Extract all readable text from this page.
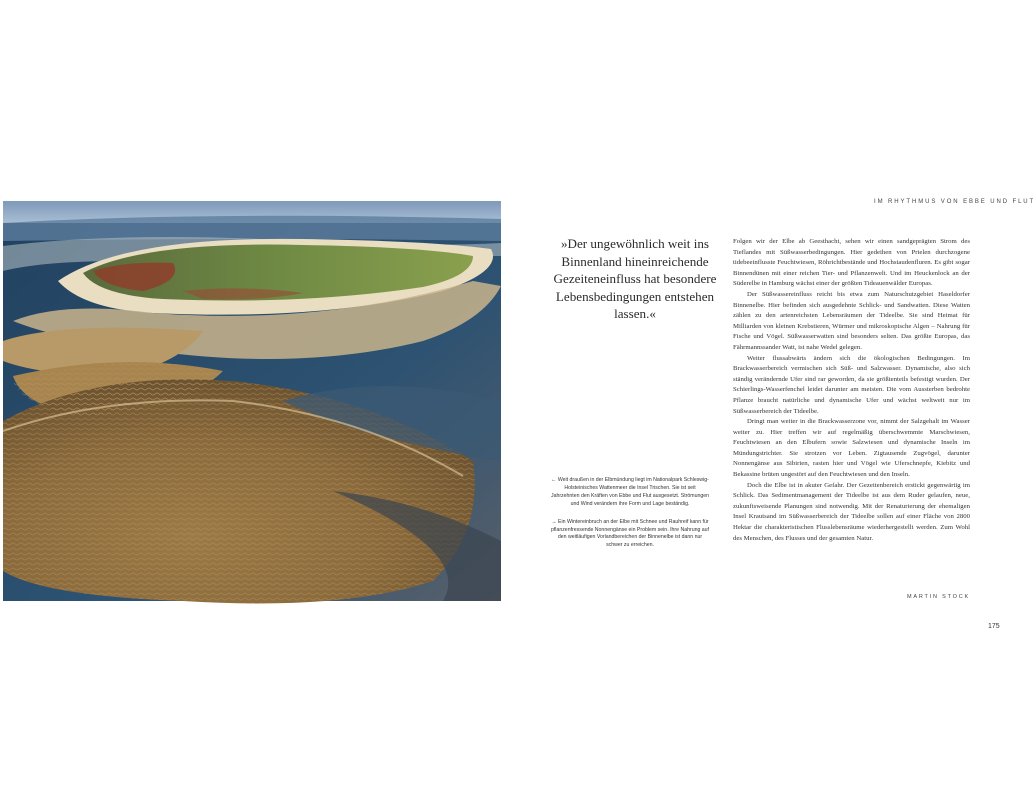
IM RHYTHMUS VON EBBE UND FLUT
»Der ungewöhnlich weit ins Binnenland hineinreichende Gezeiteneinfluss hat besondere Lebensbedingungen entstehen lassen.«

← Weit draußen in der Elbmündung liegt im Nationalpark Schleswig-Holsteinisches Wattenmeer die Insel Trischen. Sie ist seit Jahrzehnten den Kräften von Ebbe und Flut ausgesetzt. Strömungen und Wind verändern ihre Form und Lage beständig.

→ Ein Wintereinbruch an der Elbe mit Schnee und Rauhreif kann für pflanzenfressende Nonnengänse ein Problem sein. Ihre Nahrung auf den weitläufigen Vorlandbereichen der Binnenelbe ist dann nur schwer zu erreichen.

Folgen wir der Elbe ab Geesthacht, sehen wir einen sandgeprägten Strom des Tieflandes mit Süßwasserbedingungen. Hier gedeihen von Prielen durchzogene tidebeeinflusste Feuchtwiesen, Röhrichtbestände und Hochstaudenfluren. Es gibt sogar Binnendünen mit einer reichen Tier- und Pflanzenwelt. Und im Heuckenlock an der Süderelbe in Hamburg wächst einer der größten Tideauenwälder Europas.

Der Süßwassereinfluss reicht bis etwa zum Naturschutzgebiet Haseldorfer Binnenelbe. Hier befinden sich ausgedehnte Schlick- und Sandwatten. Diese Watten zählen zu den artenreichsten Lebensräumen der Tideelbe. Sie sind Heimat für Milliarden von kleinen Krebstieren, Würmer und mikroskopische Algen – Nahrung für Fische und Vögel. Süßwasserwatten sind besonders selten. Das größte Europas, das Fährmannssander Watt, ist nahe Wedel gelegen.

Weiter flussabwärts ändern sich die ökologischen Bedingungen. Im Brackwasserbereich vermischen sich Süß- und Salzwasser. Dynamische, also sich ständig verändernde Ufer sind rar geworden, da sie größtenteils befestigt wurden. Der Schierlings-Wasserfenchel leidet darunter am meisten. Die vom Aussterben bedrohte Pflanze braucht natürliche und dynamische Ufer und wächst weltweit nur im Süßwasserbereich der Tideelbe.

Dringt man weiter in die Brackwasserzone vor, nimmt der Salzgehalt im Wasser weiter zu. Hier treffen wir auf regelmäßig überschwemmte Marschwiesen, Feuchtwiesen an den Elbufern sowie Salzwiesen und dynamische Inseln im Mündungstrichter. Sie strotzen vor Leben. Zigtausende Zugvögel, darunter Nonnengänse aus Sibirien, rasten hier und Vögel wie Uferschnepfe, Kiebitz und Bekassine brüten ungestört auf den Feuchtwiesen und den Inseln.

Doch die Elbe ist in akuter Gefahr. Der Gezeitenbereich erstickt gegenwärtig im Schlick. Das Sedimentmanagement der Tideelbe ist aus dem Ruder gelaufen, neue, zukunftsweisende Planungen sind notwendig. Mit der Renaturierung der ehemaligen Insel Krautsand im Süßwasserbereich der Tideelbe sollen auf einer Fläche von 2800 Hektar die charakteristischen Flusslebensräume wiederhergestellt werden. Zum Wohl des Menschen, des Flusses und der gesamten Natur.

MARTIN STOCK
175
